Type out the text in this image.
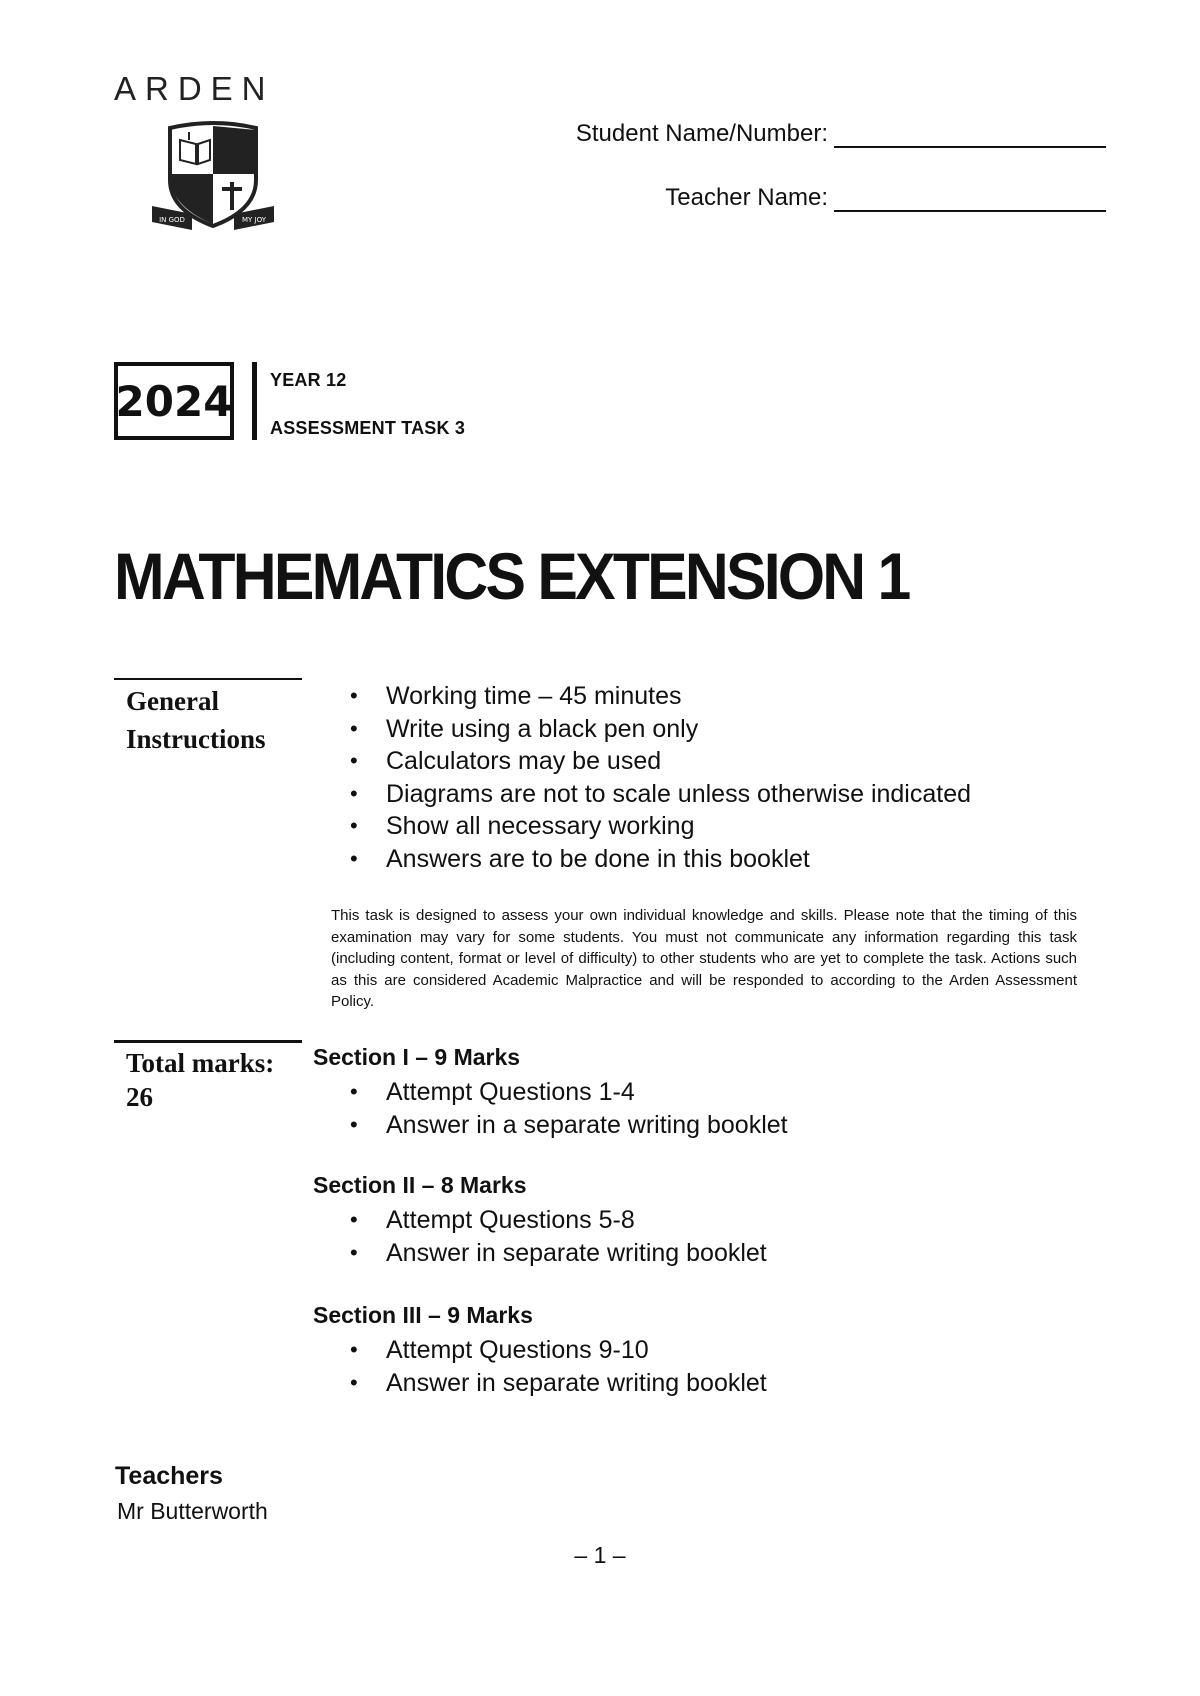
ARDEN
IN GOD	MY JOY
Student Name/Number:
Teacher Name:
2024 YEAR 12
ASSESSMENT TASK 3
MATHEMATICS EXTENSION 1
General Instructions
• Working time – 45 minutes
• Write using a black pen only
• Calculators may be used
• Diagrams are not to scale unless otherwise indicated
• Show all necessary working
• Answers are to be done in this booklet
This task is designed to assess your own individual knowledge and skills. Please note that the timing of this examination may vary for some students. You must not communicate any information regarding this task (including content, format or level of difficulty) to other students who are yet to complete the task. Actions such as this are considered Academic Malpractice and will be responded to according to the Arden Assessment Policy.
Total marks:
26
Section I – 9 Marks
• Attempt Questions 1-4
• Answer in a separate writing booklet
Section II – 8 Marks
• Attempt Questions 5-8
• Answer in separate writing booklet
Section III – 9 Marks
• Attempt Questions 9-10
• Answer in separate writing booklet
Teachers
Mr Butterworth
– 1 –
